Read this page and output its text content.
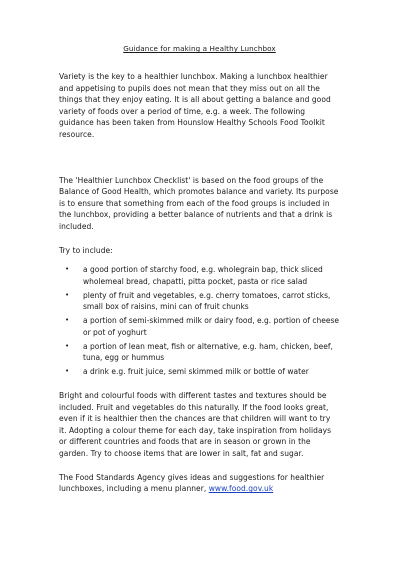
Guidance for making a Healthy Lunchbox

Variety is the key to a healthier lunchbox. Making a lunchbox healthier and appetising to pupils does not mean that they miss out on all the things that they enjoy eating. It is all about getting a balance and good variety of foods over a period of time, e.g. a week. The following guidance has been taken from Hounslow Healthy Schools Food Toolkit resource.

The 'Healthier Lunchbox Checklist' is based on the food groups of the Balance of Good Health, which promotes balance and variety. Its purpose is to ensure that something from each of the food groups is included in the lunchbox, providing a better balance of nutrients and that a drink is included.

Try to include:

• a good portion of starchy food, e.g. wholegrain bap, thick sliced wholemeal bread, chapatti, pitta pocket, pasta or rice salad
• plenty of fruit and vegetables, e.g. cherry tomatoes, carrot sticks, small box of raisins, mini can of fruit chunks
• a portion of semi-skimmed milk or dairy food, e.g. portion of cheese or pot of yoghurt
• a portion of lean meat, fish or alternative, e.g. ham, chicken, beef, tuna, egg or hummus
• a drink e.g. fruit juice, semi skimmed milk or bottle of water

Bright and colourful foods with different tastes and textures should be included. Fruit and vegetables do this naturally. If the food looks great, even if it is healthier then the chances are that children will want to try it. Adopting a colour theme for each day, take inspiration from holidays or different countries and foods that are in season or grown in the garden. Try to choose items that are lower in salt, fat and sugar.

The Food Standards Agency gives ideas and suggestions for healthier lunchboxes, including a menu planner, www.food.gov.uk
